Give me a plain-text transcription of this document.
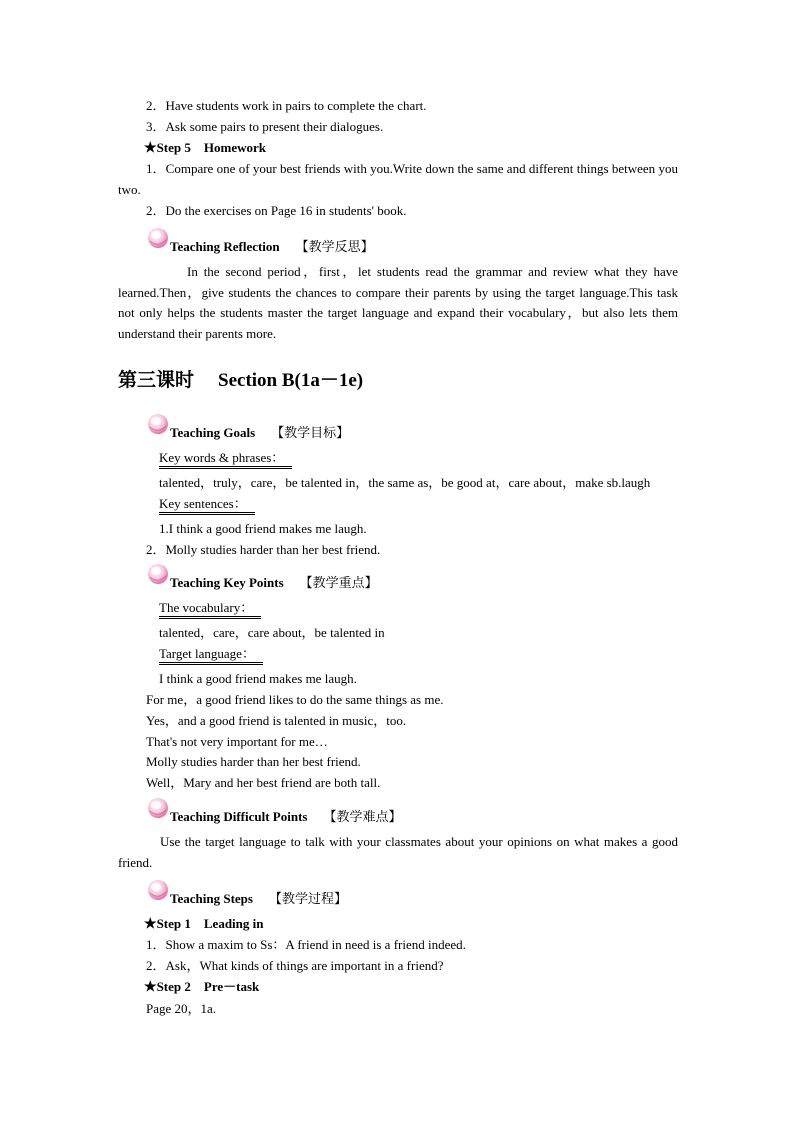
2．Have students work in pairs to complete the chart.
3．Ask some pairs to present their dialogues.
★Step 5 Homework
1．Compare one of your best friends with you.Write down the same and different things between you two.
2．Do the exercises on Page 16 in students' book.
Teaching Reflection 【教学反思】
In the second period，first，let students read the grammar and review what they have learned.Then，give students the chances to compare their parents by using the target language.This task not only helps the students master the target language and expand their vocabulary，but also lets them understand their parents more.
第三课时 Section B(1a－1e)
Teaching Goals 【教学目标】
Key words & phrases：
talented，truly，care，be talented in，the same as，be good at，care about，make sb.laugh
Key sentences：
1.I think a good friend makes me laugh.
2．Molly studies harder than her best friend.
Teaching Key Points 【教学重点】
The vocabulary：
talented，care，care about，be talented in
Target language：
I think a good friend makes me laugh.
For me，a good friend likes to do the same things as me.
Yes，and a good friend is talented in music，too.
That's not very important for me…
Molly studies harder than her best friend.
Well，Mary and her best friend are both tall.
Teaching Difficult Points 【教学难点】
Use the target language to talk with your classmates about your opinions on what makes a good friend.
Teaching Steps 【教学过程】
★Step 1 Leading in
1．Show a maxim to Ss：A friend in need is a friend indeed.
2．Ask，What kinds of things are important in a friend?
★Step 2 Pre－task
Page 20，1a.
